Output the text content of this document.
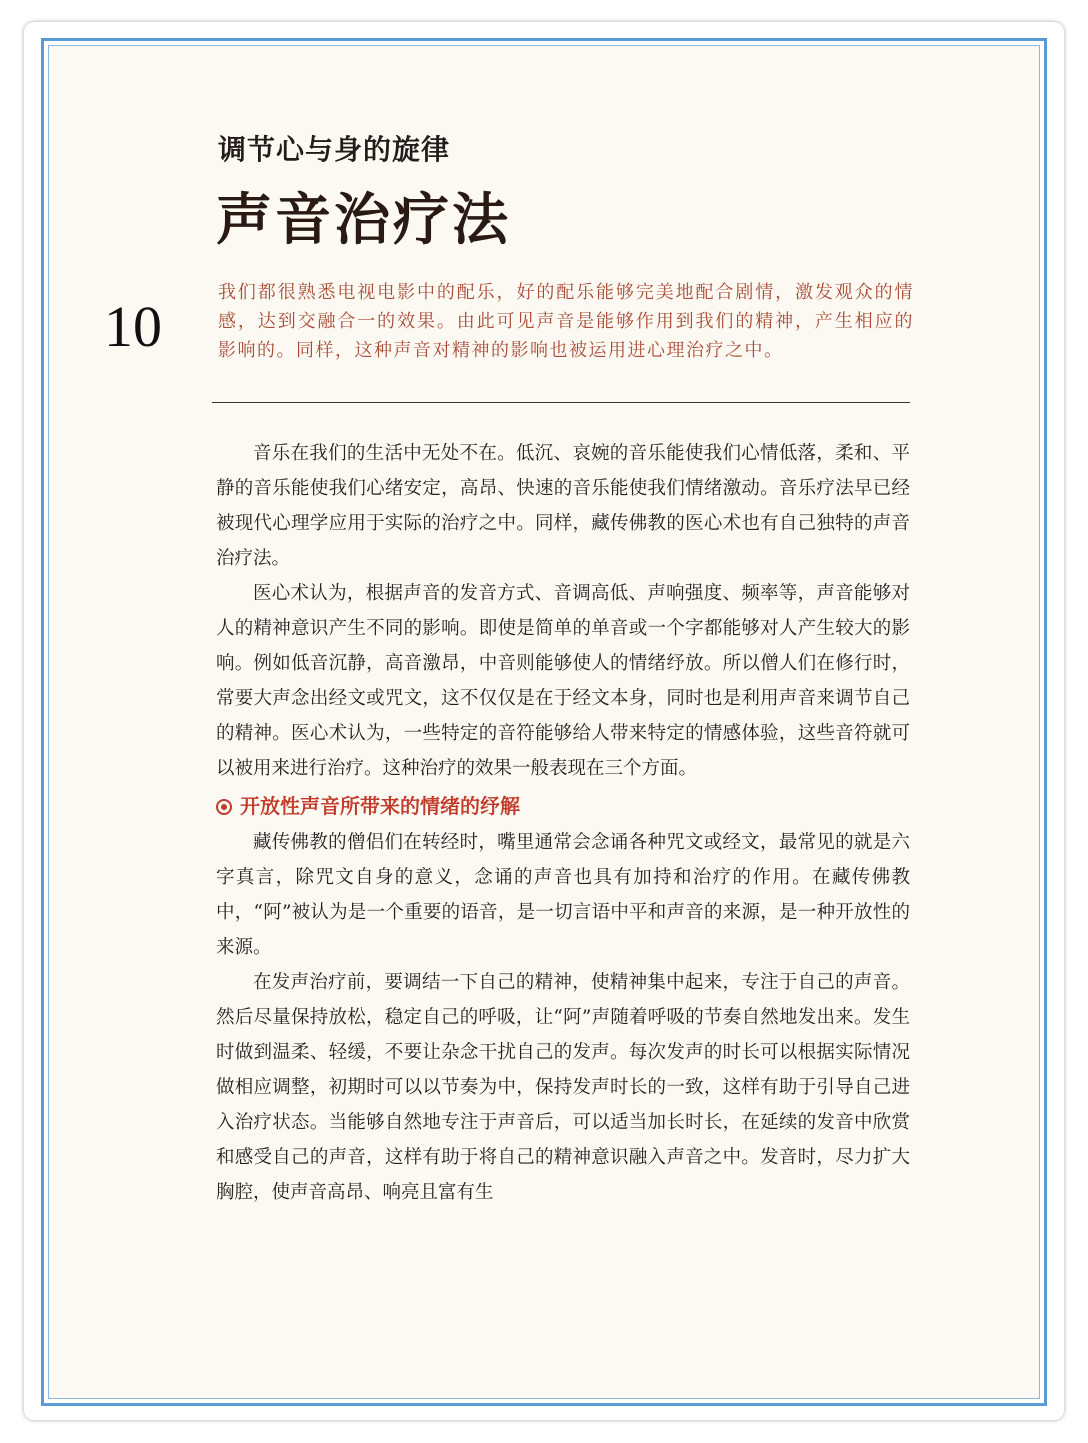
调节心与身的旋律
声音治疗法
10
我们都很熟悉电视电影中的配乐，好的配乐能够完美地配合剧情，激发观众的情感，达到交融合一的效果。由此可见声音是能够作用到我们的精神，产生相应的影响的。同样，这种声音对精神的影响也被运用进心理治疗之中。

音乐在我们的生活中无处不在。低沉、哀婉的音乐能使我们心情低落，柔和、平静的音乐能使我们心绪安定，高昂、快速的音乐能使我们情绪激动。音乐疗法早已经被现代心理学应用于实际的治疗之中。同样，藏传佛教的医心术也有自己独特的声音治疗法。

医心术认为，根据声音的发音方式、音调高低、声响强度、频率等，声音能够对人的精神意识产生不同的影响。即使是简单的单音或一个字都能够对人产生较大的影响。例如低音沉静，高音激昂，中音则能够使人的情绪纾放。所以僧人们在修行时，常要大声念出经文或咒文，这不仅仅是在于经文本身，同时也是利用声音来调节自己的精神。医心术认为，一些特定的音符能够给人带来特定的情感体验，这些音符就可以被用来进行治疗。这种治疗的效果一般表现在三个方面。

开放性声音所带来的情绪的纾解

藏传佛教的僧侣们在转经时，嘴里通常会念诵各种咒文或经文，最常见的就是六字真言，除咒文自身的意义，念诵的声音也具有加持和治疗的作用。在藏传佛教中，“阿”被认为是一个重要的语音，是一切言语中平和声音的来源，是一种开放性的来源。

在发声治疗前，要调结一下自己的精神，使精神集中起来，专注于自己的声音。然后尽量保持放松，稳定自己的呼吸，让“阿”声随着呼吸的节奏自然地发出来。发生时做到温柔、轻缓，不要让杂念干扰自己的发声。每次发声的时长可以根据实际情况做相应调整，初期时可以以节奏为中，保持发声时长的一致，这样有助于引导自己进入治疗状态。当能够自然地专注于声音后，可以适当加长时长，在延续的发音中欣赏和感受自己的声音，这样有助于将自己的精神意识融入声音之中。发音时，尽力扩大胸腔，使声音高昂、响亮且富有生
